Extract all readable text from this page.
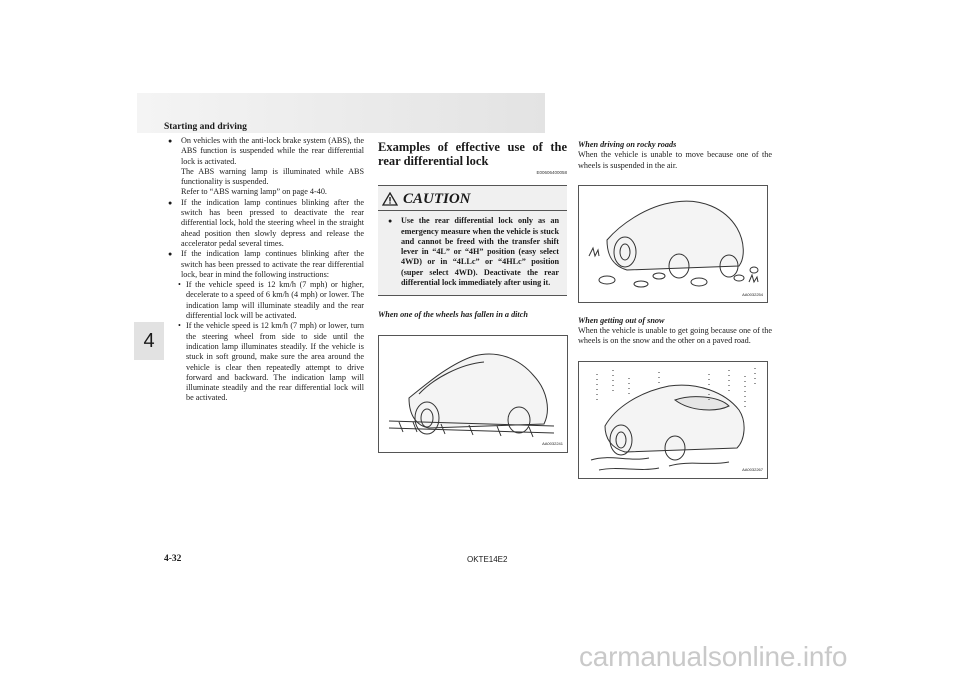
Starting and driving
4
● On vehicles with the anti-lock brake system (ABS), the ABS function is suspended while the rear differential lock is activated.
The ABS warning lamp is illuminated while ABS functionality is suspended.
Refer to “ABS warning lamp” on page 4-40.
● If the indication lamp continues blinking after the switch has been pressed to deactivate the rear differential lock, hold the steering wheel in the straight ahead position then slowly depress and release the accelerator pedal several times.
● If the indication lamp continues blinking after the switch has been pressed to activate the rear differential lock, bear in mind the following instructions:
• If the vehicle speed is 12 km/h (7 mph) or higher, decelerate to a speed of 6 km/h (4 mph) or lower. The indication lamp will illuminate steadily and the rear differential lock will be activated.
• If the vehicle speed is 12 km/h (7 mph) or lower, turn the steering wheel from side to side until the indication lamp illuminates steadily. If the vehicle is stuck in soft ground, make sure the area around the vehicle is clear then repeatedly attempt to drive forward and backward. The indication lamp will illuminate steadily and the rear differential lock will be activated.
Examples of effective use of the rear differential lock
E00606400058
CAUTION
● Use the rear differential lock only as an emergency measure when the vehicle is stuck and cannot be freed with the transfer shift lever in “4L” or “4H” position (easy select 4WD) or in “4LLc” or “4HLc” position (super select 4WD). Deactivate the rear differential lock immediately after using it.
When one of the wheels has fallen in a ditch
AA0032241
When driving on rocky roads
When the vehicle is unable to move because one of the wheels is suspended in the air.
AA0032254
When getting out of snow
When the vehicle is unable to get going because one of the wheels is on the snow and the other on a paved road.
AA0032267
4-32	OKTE14E2
carmanualsonline.info
